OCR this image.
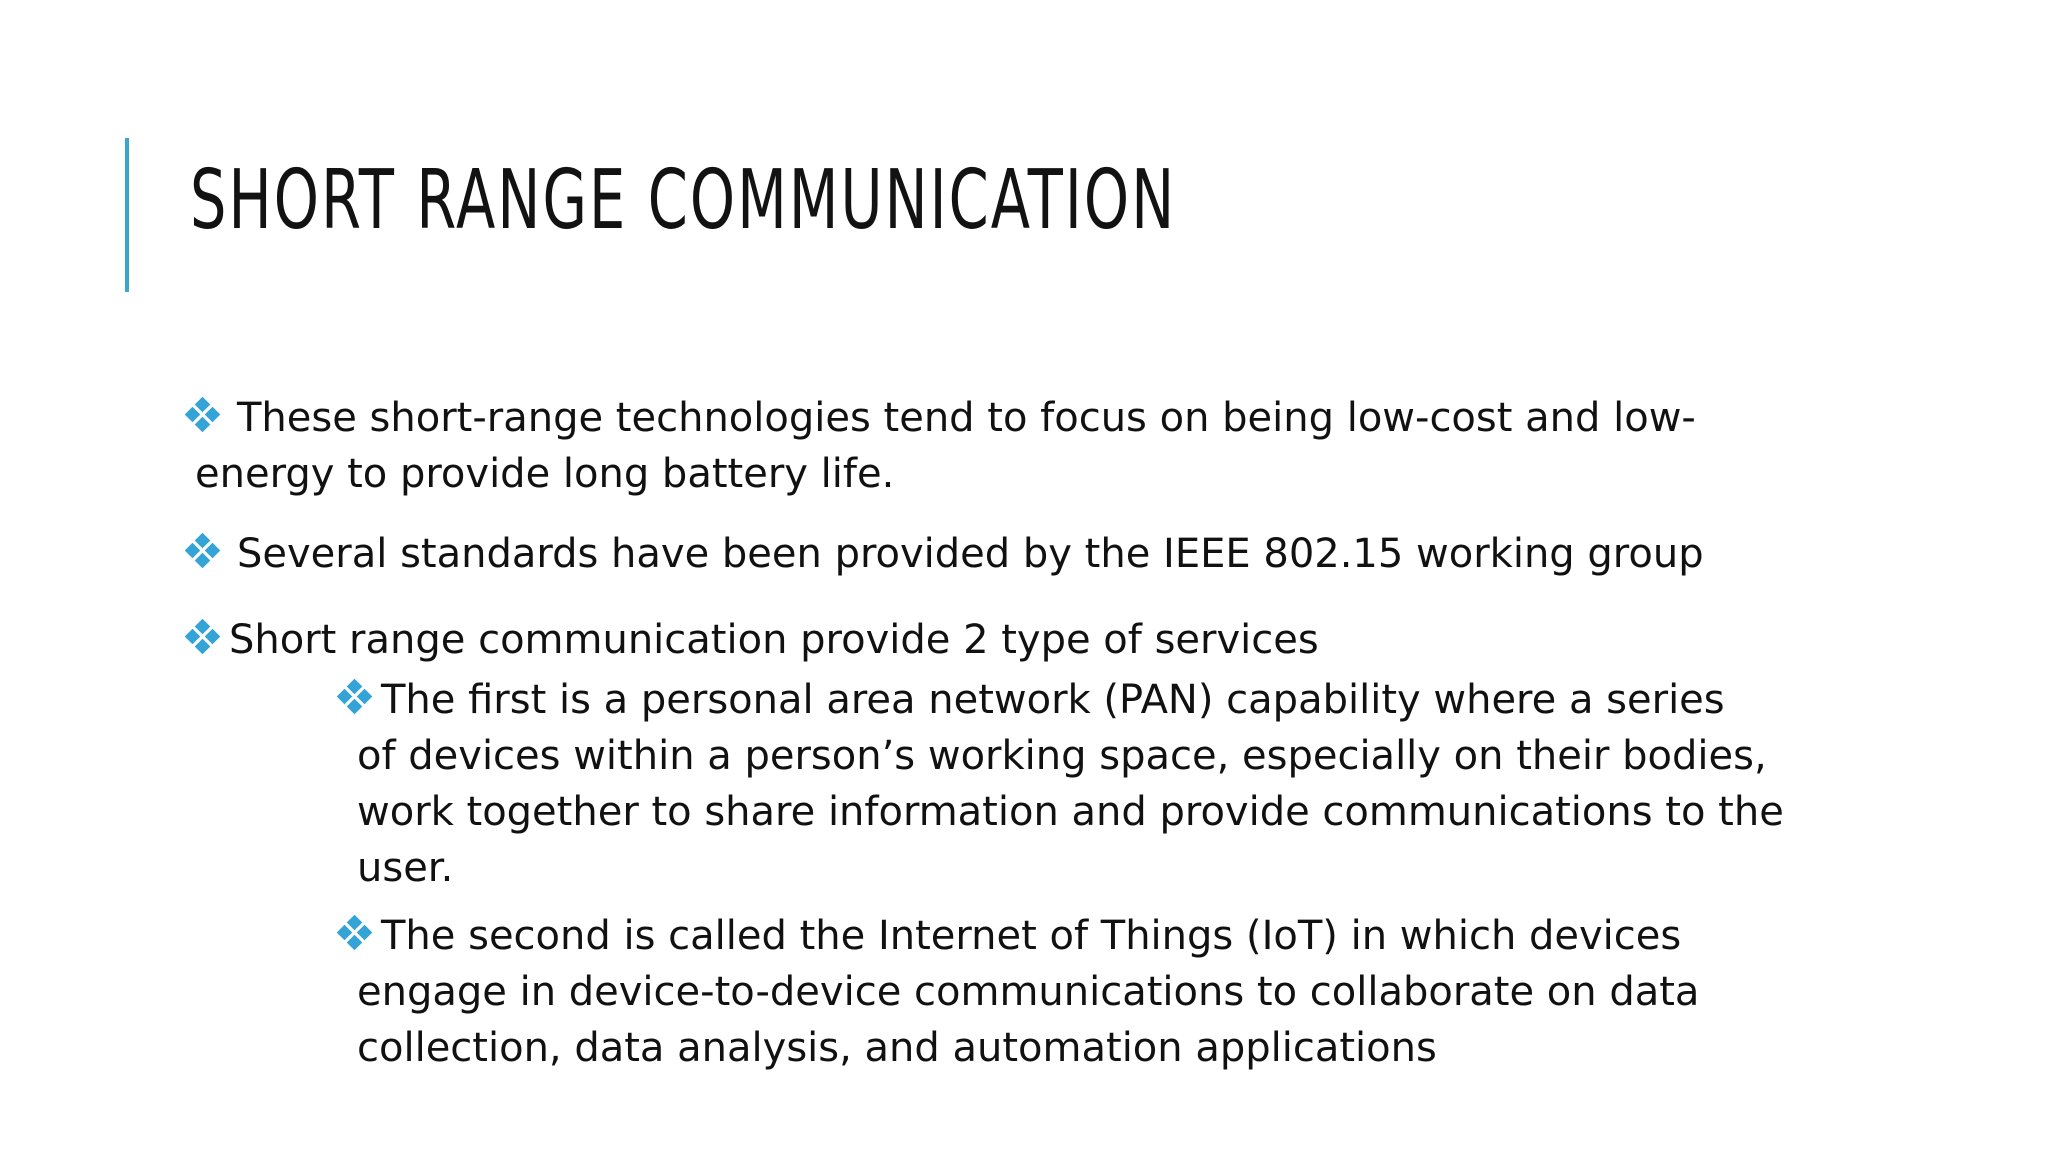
SHORT RANGE COMMUNICATION
These short-range technologies tend to focus on being low-cost and low-
energy to provide long battery life.
Several standards have been provided by the IEEE 802.15 working group
Short range communication provide 2 type of services
The first is a personal area network (PAN) capability where a series
of devices within a person’s working space, especially on their bodies,
work together to share information and provide communications to the
user.
The second is called the Internet of Things (IoT) in which devices
engage in device-to-device communications to collaborate on data
collection, data analysis, and automation applications
